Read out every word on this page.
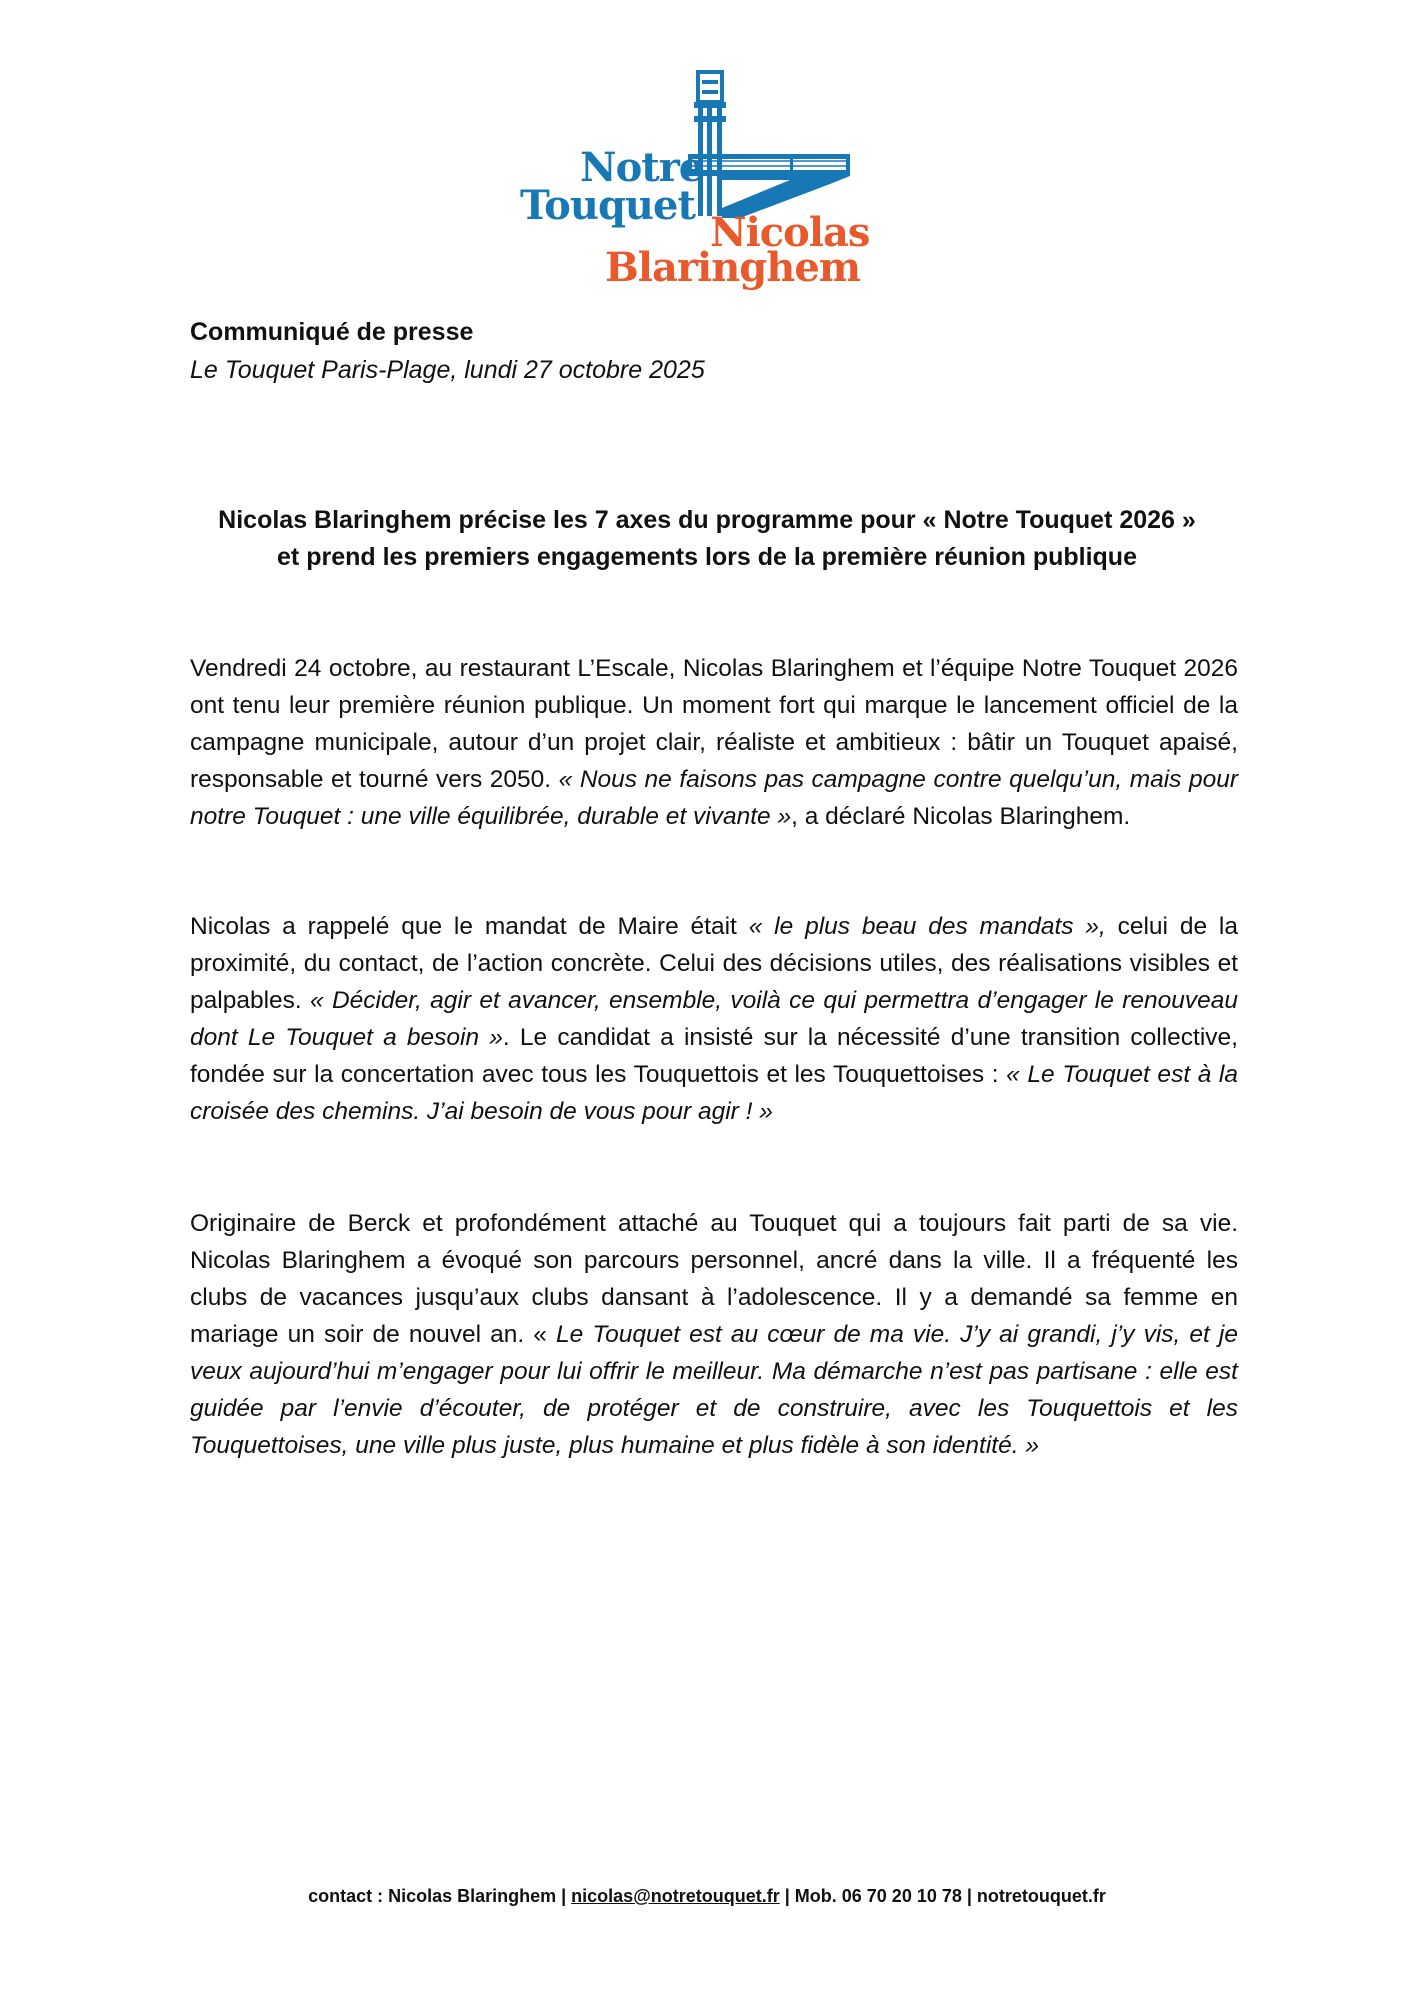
Notre
Touquet
Nicolas
Blaringhem
Communiqué de presse
Le Touquet Paris-Plage, lundi 27 octobre 2025
Nicolas Blaringhem précise les 7 axes du programme pour « Notre Touquet 2026 »
et prend les premiers engagements lors de la première réunion publique
Vendredi 24 octobre, au restaurant L’Escale, Nicolas Blaringhem et l’équipe Notre Touquet 2026 ont tenu leur première réunion publique. Un moment fort qui marque le lancement officiel de la campagne municipale, autour d’un projet clair, réaliste et ambitieux : bâtir un Touquet apaisé, responsable et tourné vers 2050. « Nous ne faisons pas campagne contre quelqu’un, mais pour notre Touquet : une ville équilibrée, durable et vivante », a déclaré Nicolas Blaringhem.
Nicolas a rappelé que le mandat de Maire était « le plus beau des mandats », celui de la proximité, du contact, de l’action concrète. Celui des décisions utiles, des réalisations visibles et palpables. « Décider, agir et avancer, ensemble, voilà ce qui permettra d’engager le renouveau dont Le Touquet a besoin ». Le candidat a insisté sur la nécessité d’une transition collective, fondée sur la concertation avec tous les Touquettois et les Touquettoises : « Le Touquet est à la croisée des chemins. J’ai besoin de vous pour agir ! »
Originaire de Berck et profondément attaché au Touquet qui a toujours fait parti de sa vie. Nicolas Blaringhem a évoqué son parcours personnel, ancré dans la ville. Il a fréquenté les clubs de vacances jusqu’aux clubs dansant à l’adolescence. Il y a demandé sa femme en mariage un soir de nouvel an. « Le Touquet est au cœur de ma vie. J’y ai grandi, j’y vis, et je veux aujourd’hui m’engager pour lui offrir le meilleur. Ma démarche n’est pas partisane : elle est guidée par l’envie d’écouter, de protéger et de construire, avec les Touquettois et les Touquettoises, une ville plus juste, plus humaine et plus fidèle à son identité. »
contact : Nicolas Blaringhem | nicolas@notretouquet.fr | Mob. 06 70 20 10 78 | notretouquet.fr
